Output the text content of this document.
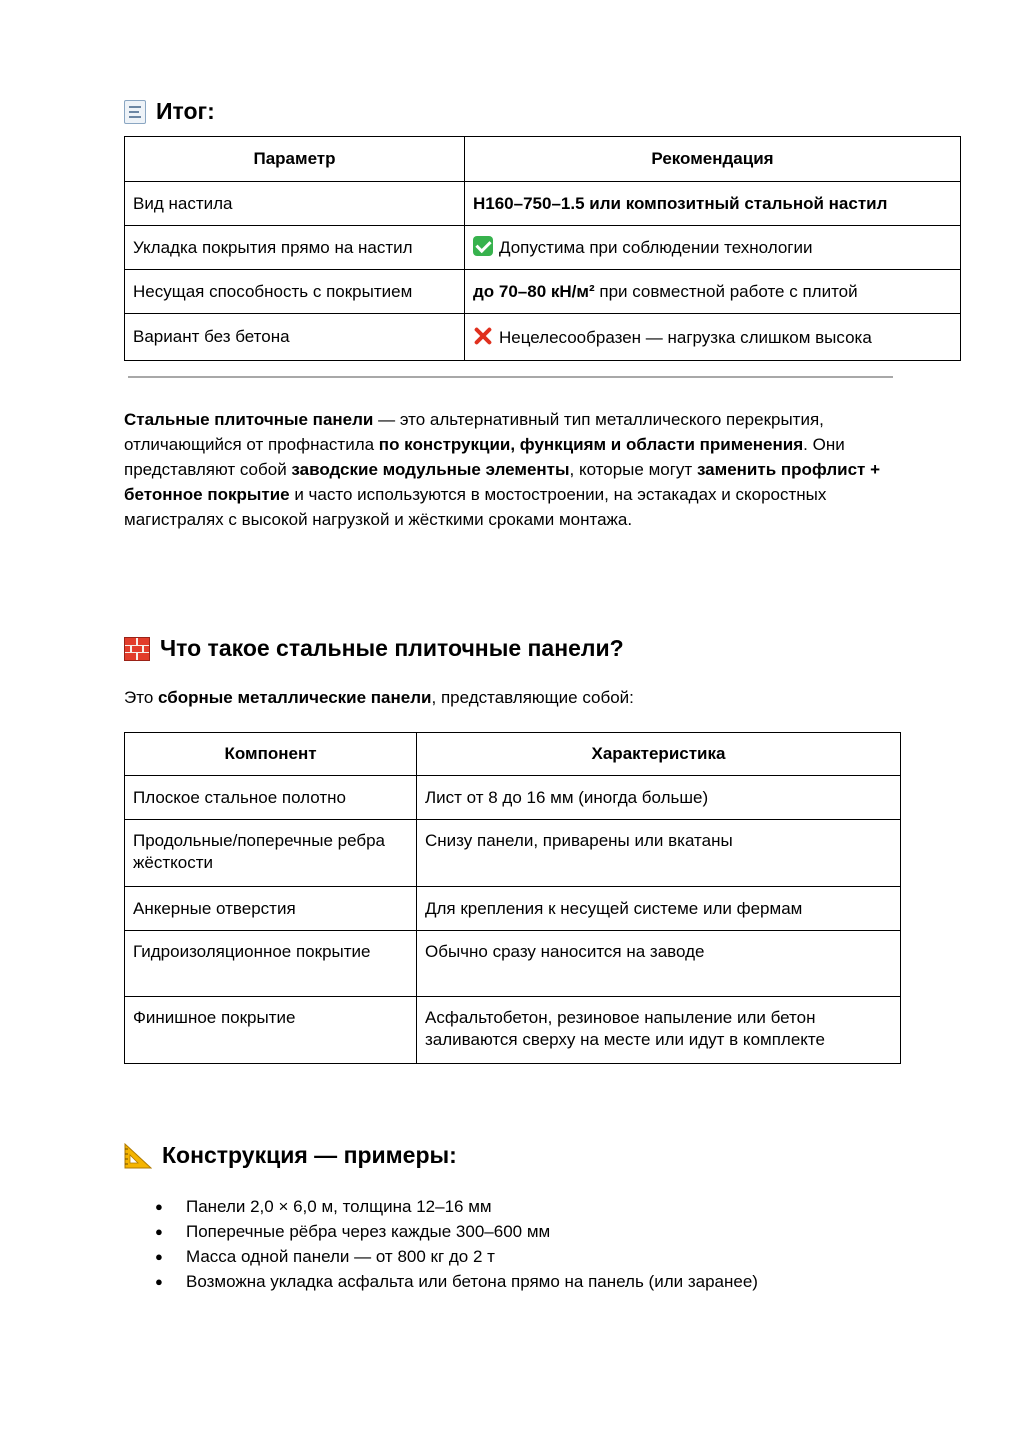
Итог:
Параметр	Рекомендация
Вид настила	Н160–750–1.5 или композитный стальной настил
Укладка покрытия прямо на настил	Допустима при соблюдении технологии
Несущая способность с покрытием	до 70–80 кН/м² при совместной работе с плитой
Вариант без бетона	Нецелесообразен — нагрузка слишком высока

Стальные плиточные панели — это альтернативный тип металлического перекрытия, отличающийся от профнастила по конструкции, функциям и области применения. Они представляют собой заводские модульные элементы, которые могут заменить профлист + бетонное покрытие и часто используются в мостостроении, на эстакадах и скоростных магистралях с высокой нагрузкой и жёсткими сроками монтажа.

Что такое стальные плиточные панели?

Это сборные металлические панели, представляющие собой:

Компонент	Характеристика
Плоское стальное полотно	Лист от 8 до 16 мм (иногда больше)
Продольные/поперечные ребра жёсткости	Снизу панели, приварены или вкатаны
Анкерные отверстия	Для крепления к несущей системе или фермам
Гидроизоляционное покрытие	Обычно сразу наносится на заводе
Финишное покрытие	Асфальтобетон, резиновое напыление или бетон заливаются сверху на месте или идут в комплекте
Конструкция — примеры:
● Панели 2,0 × 6,0 м, толщина 12–16 мм
● Поперечные рёбра через каждые 300–600 мм
● Масса одной панели — от 800 кг до 2 т
● Возможна укладка асфальта или бетона прямо на панель (или заранее)
